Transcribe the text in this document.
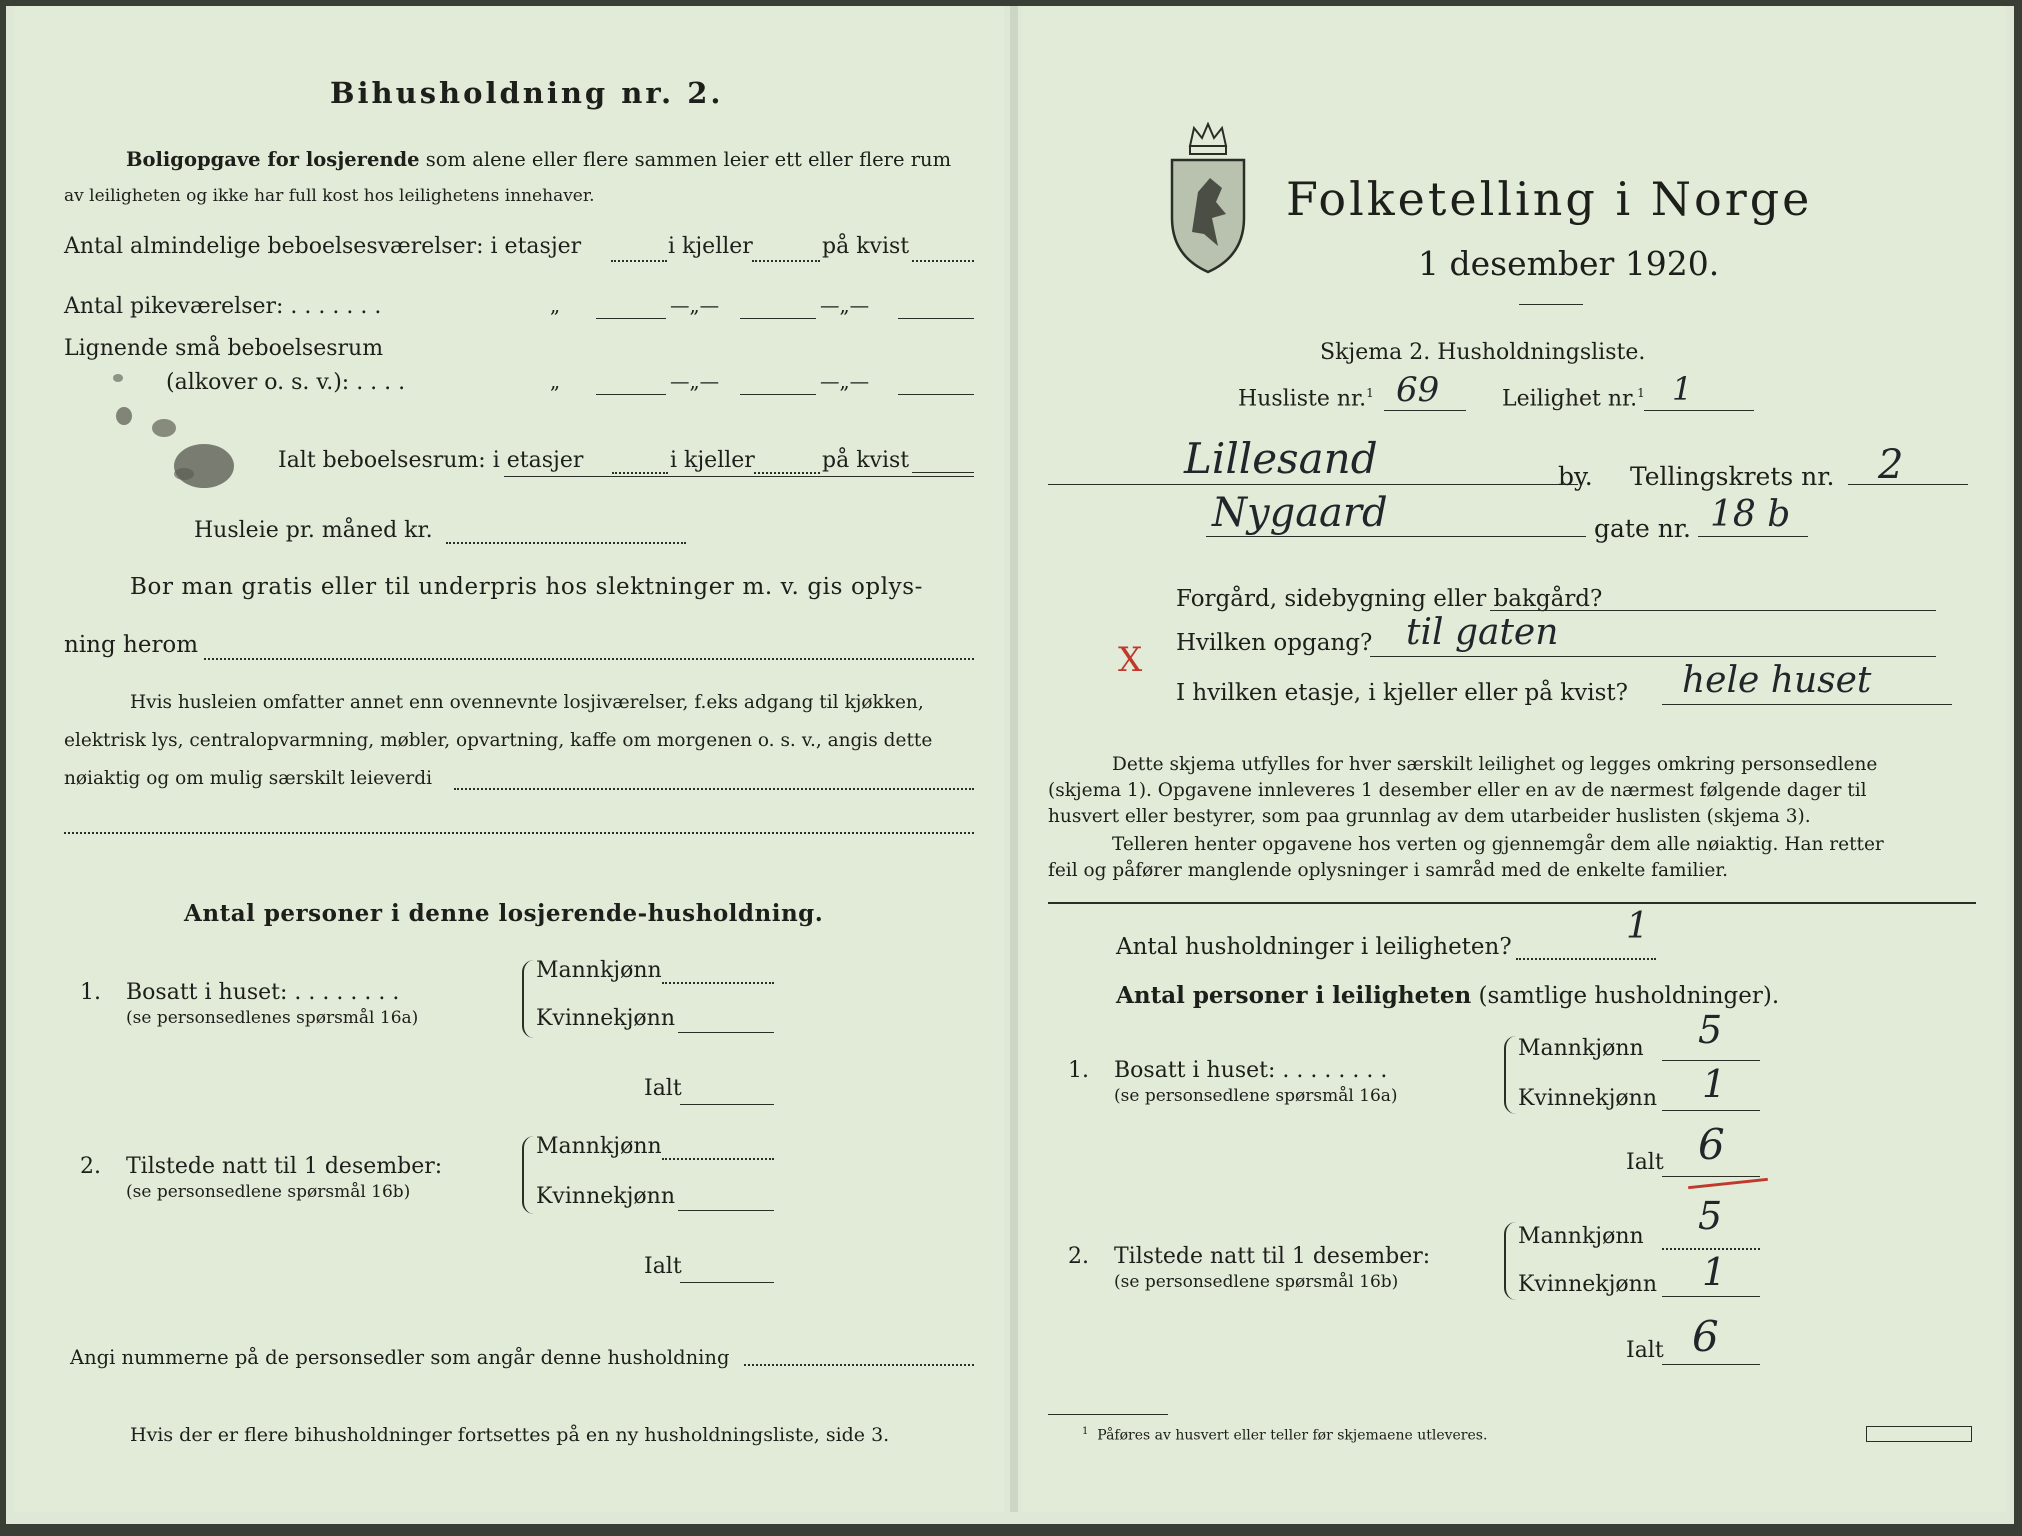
Bihusholdning nr. 2.
Boligopgave for losjerende som alene eller flere sammen leier ett eller flere rum
av leiligheten og ikke har full kost hos leilighetens innehaver.
Antal almindelige beboelsesværelser: i etasjer	i kjeller	på kvist
Antal pikeværelser: . . . . . . .	„	—„—	—„—
Lignende små beboelsesrum
(alkover o. s. v.): . . . .	„	—„—	—„—
Ialt beboelsesrum: i etasjer	i kjeller	på kvist
Husleie pr. måned kr.
Bor man gratis eller til underpris hos slektninger m. v. gis oplys-
ning herom
Hvis husleien omfatter annet enn ovennevnte losjiværelser, f.eks adgang til kjøkken,
elektrisk lys, centralopvarmning, møbler, opvartning, kaffe om morgenen o. s. v., angis dette
nøiaktig og om mulig særskilt leieverdi
Antal personer i denne losjerende-husholdning.
1. Bosatt i huset: . . . . . . . .
(se personsedlenes spørsmål 16a)
Mannkjønn
Kvinnekjønn
Ialt
2. Tilstede natt til 1 desember:
(se personsedlene spørsmål 16b)
Mannkjønn
Kvinnekjønn
Ialt
Angi nummerne på de personsedler som angår denne husholdning
Hvis der er flere bihusholdninger fortsettes på en ny husholdningsliste, side 3.
Folketelling i Norge
1 desember 1920.
Skjema 2. Husholdningsliste.
Husliste nr.$^1$ 69	Leilighet nr.$^1$ 1
Lillesand	by. Tellingskrets nr. 2
Nygaard	gate nr. 18 b
Forgård, sidebygning eller bakgård?
X Hvilken opgang? til gaten
I hvilken etasje, i kjeller eller på kvist? hele huset
Dette skjema utfylles for hver særskilt leilighet og legges omkring personsedlene
(skjema 1). Opgavene innleveres 1 desember eller en av de nærmest følgende dager til
husvert eller bestyrer, som paa grunnlag av dem utarbeider huslisten (skjema 3).
Telleren henter opgavene hos verten og gjennemgår dem alle nøiaktig. Han retter
feil og påfører manglende oplysninger i samråd med de enkelte familier.
Antal husholdninger i leiligheten?	1
Antal personer i leiligheten (samtlige husholdninger).
1. Bosatt i huset: . . . . . . . .
(se personsedlene spørsmål 16a)
Mannkjønn 5
Kvinnekjønn 1
Ialt 6
2. Tilstede natt til 1 desember:
(se personsedlene spørsmål 16b)
Mannkjønn 5
Kvinnekjønn 1
Ialt 6
$^1$ Påføres av husvert eller teller før skjemaene utleveres.
